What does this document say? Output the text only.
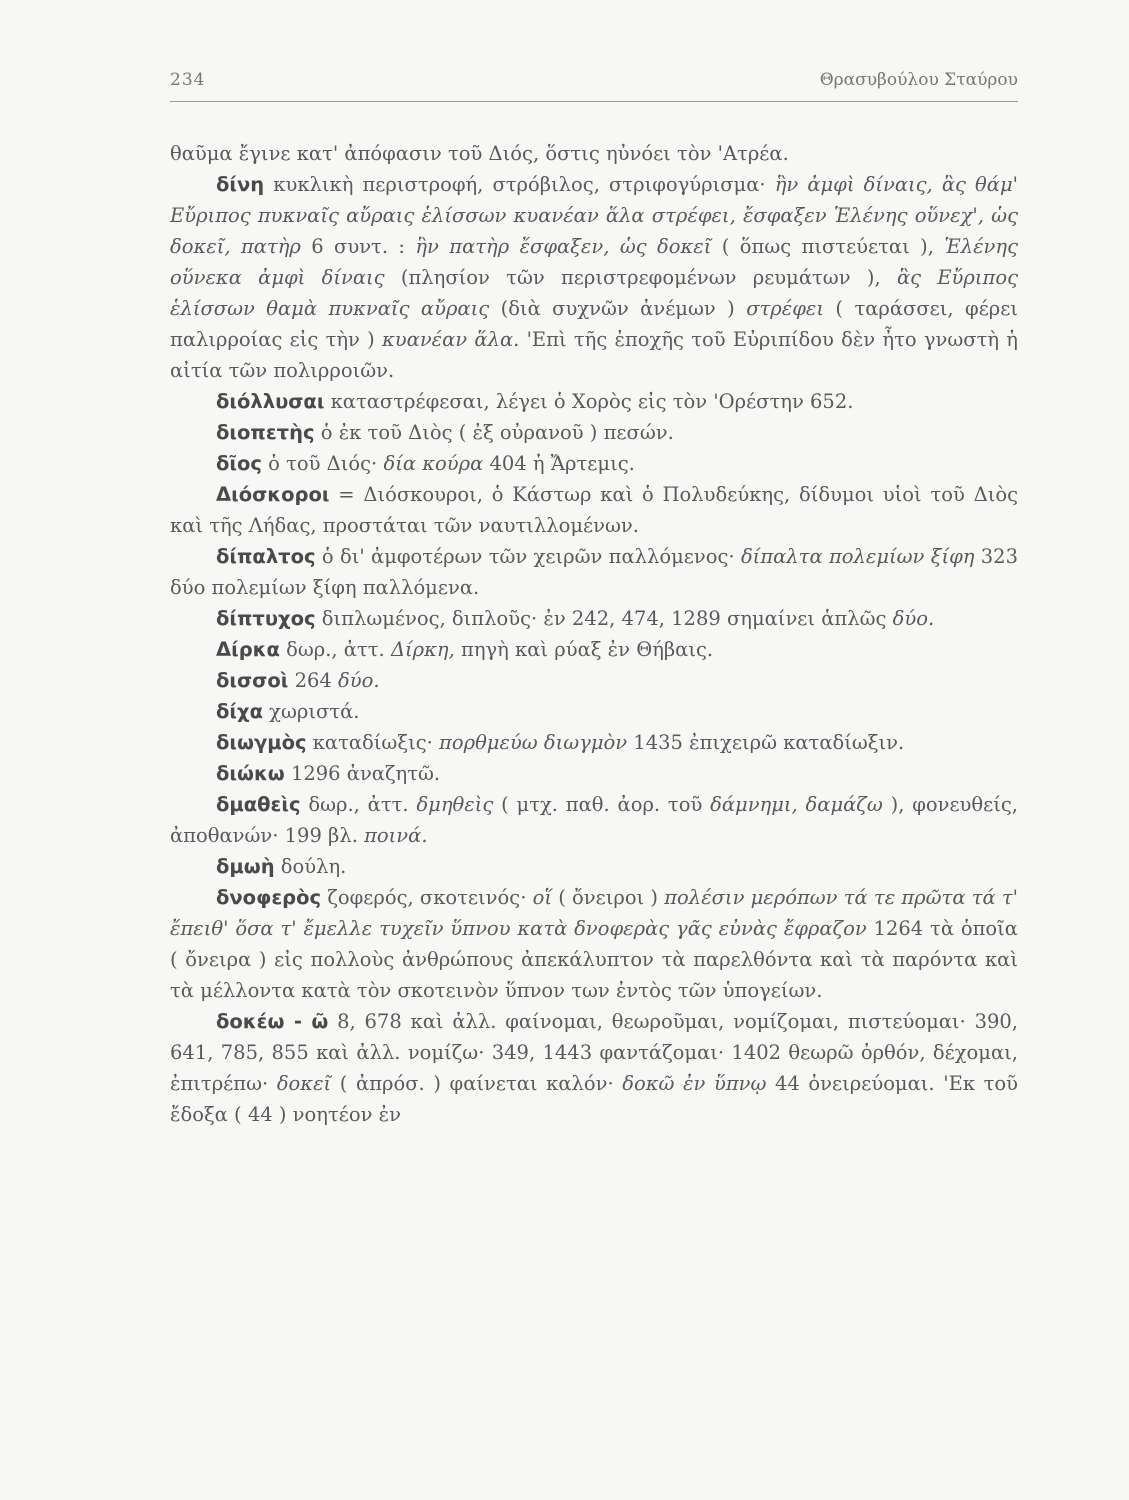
234	Θρασυβούλου Σταύρου

θαῦμα ἔγινε κατ' ἀπόφασιν τοῦ Διός, ὅστις ηὐνόει τὸν 'Ατρέα.

δίνη κυκλικὴ περιστροφή, στρόβιλος, στριφογύρισμα· ἣν ἀμφὶ δίναις, ἃς θάμ' Εὔριπος πυκναῖς αὔραις ἑλίσσων κυανέαν ἅλα στρέφει, ἔσφαξεν Ἑλένης οὕνεχ', ὡς δοκεῖ, πατὴρ 6 συντ. : ἣν πατὴρ ἔσφαξεν, ὡς δοκεῖ ( ὅπως πιστεύεται ), Ἑλένης οὕνεκα ἀμφὶ δίναις (πλησίον τῶν περιστρεφομένων ρευμάτων ), ἃς Εὔριπος ἑλίσσων θαμὰ πυκναῖς αὔραις (διὰ συχνῶν ἀνέμων ) στρέφει ( ταράσσει, φέρει παλιρροίας εἰς τὴν ) κυανέαν ἅλα. 'Επὶ τῆς ἐποχῆς τοῦ Εὐριπίδου δὲν ἦτο γνωστὴ ἡ αἰτία τῶν πολιρροιῶν.

διόλλυσαι καταστρέφεσαι, λέγει ὁ Χορὸς εἰς τὸν 'Ορέστην 652.

διοπετὴς ὁ ἐκ τοῦ Διὸς ( ἐξ οὐρανοῦ ) πεσών.

δῖος ὁ τοῦ Διός· δία κούρα 404 ἡ Ἄρτεμις.

Διόσκοροι = Διόσκουροι, ὁ Κάστωρ καὶ ὁ Πολυδεύκης, δίδυμοι υἱοὶ τοῦ Διὸς καὶ τῆς Λήδας, προστάται τῶν ναυτιλλομένων.

δίπαλτος ὁ δι' ἀμφοτέρων τῶν χειρῶν παλλόμενος· δίπαλτα πολεμίων ξίφη 323 δύο πολεμίων ξίφη παλλόμενα.

δίπτυχος διπλωμένος, διπλοῦς· ἐν 242, 474, 1289 σημαίνει ἁπλῶς δύο.

Δίρκα δωρ., ἀττ. Δίρκη, πηγὴ καὶ ρύαξ ἐν Θήβαις.

δισσοὶ 264 δύο.

δίχα χωριστά.

διωγμὸς καταδίωξις· πορθμεύω διωγμὸν 1435 ἐπιχειρῶ καταδίωξιν.

διώκω 1296 ἀναζητῶ.

δμαθεὶς δωρ., ἀττ. δμηθεὶς ( μτχ. παθ. ἀορ. τοῦ δάμνημι, δαμάζω ), φονευθείς, ἀποθανών· 199 βλ. ποινά.

δμωὴ δούλη.

δνοφερὸς ζοφερός, σκοτεινός· οἵ ( ὄνειροι ) πολέσιν μερόπων τά τε πρῶτα τά τ' ἔπειθ' ὅσα τ' ἔμελλε τυχεῖν ὕπνου κατὰ δνοφερὰς γᾶς εὐνὰς ἔφραζον 1264 τὰ ὁποῖα ( ὄνειρα ) εἰς πολλοὺς ἀνθρώπους ἀπεκάλυπτον τὰ παρελθόντα καὶ τὰ παρόντα καὶ τὰ μέλλοντα κατὰ τὸν σκοτεινὸν ὕπνον των ἐντὸς τῶν ὑπογείων.

δοκέω - ῶ 8, 678 καὶ ἀλλ. φαίνομαι, θεωροῦμαι, νομίζομαι, πιστεύομαι· 390, 641, 785, 855 καὶ ἀλλ. νομίζω· 349, 1443 φαντάζομαι· 1402 θεωρῶ ὀρθόν, δέχομαι, ἐπιτρέπω· δοκεῖ ( ἀπρόσ. ) φαίνεται καλόν· δοκῶ ἐν ὕπνῳ 44 ὀνειρεύομαι. 'Εκ τοῦ ἔδοξα ( 44 ) νοητέον ἐν
